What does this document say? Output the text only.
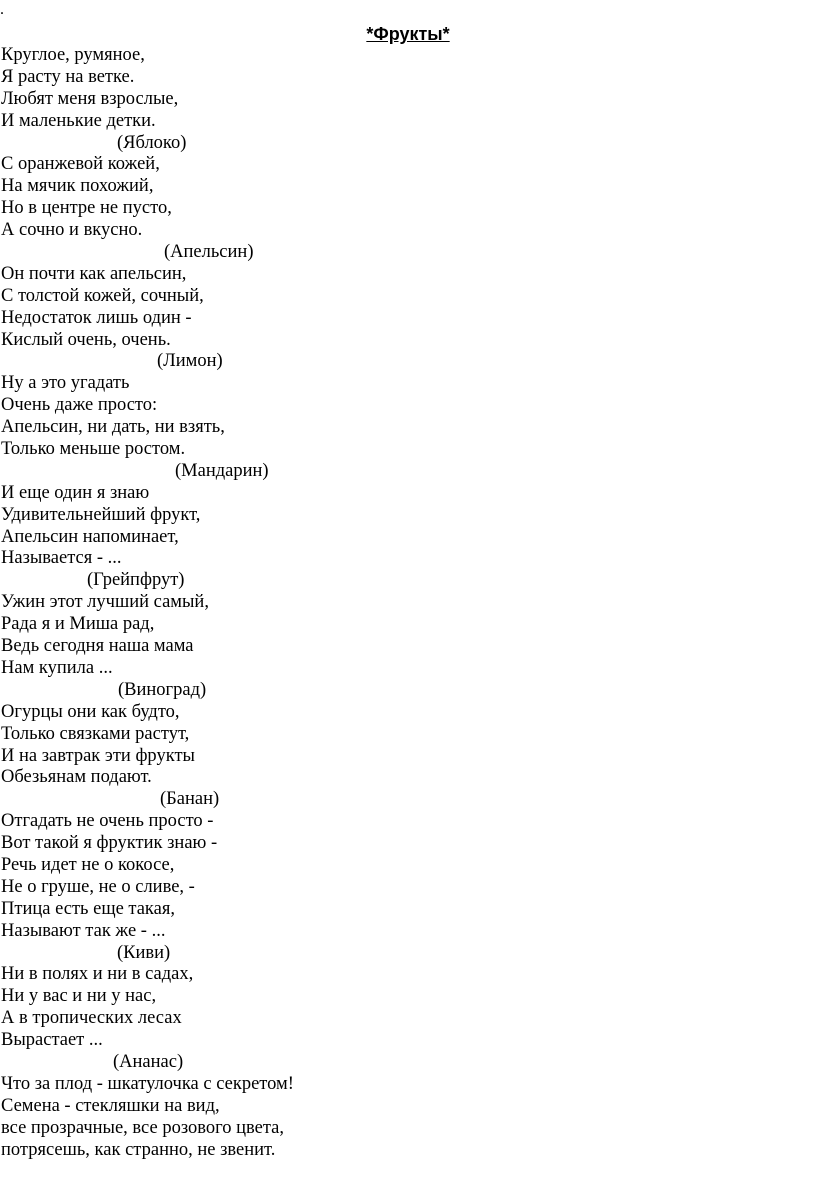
.
*Фрукты*
Круглое, румяное,
Я расту на ветке.
Любят меня взрослые,
И маленькие детки.
(Яблоко)
С оранжевой кожей,
На мячик похожий,
Но в центре не пусто,
А сочно и вкусно.
(Апельсин)
Он почти как апельсин,
С толстой кожей, сочный,
Недостаток лишь один -
Кислый очень, очень.
(Лимон)
Ну а это угадать
Очень даже просто:
Апельсин, ни дать, ни взять,
Только меньше ростом.
(Мандарин)
И еще один я знаю
Удивительнейший фрукт,
Апельсин напоминает,
Называется - ...
(Грейпфрут)
Ужин этот лучший самый,
Рада я и Миша рад,
Ведь сегодня наша мама
Нам купила ...
(Виноград)
Огурцы они как будто,
Только связками растут,
И на завтрак эти фрукты
Обезьянам подают.
(Банан)
Отгадать не очень просто -
Вот такой я фруктик знаю -
Речь идет не о кокосе,
Не о груше, не о сливе, -
Птица есть еще такая,
Называют так же - ...
(Киви)
Ни в полях и ни в садах,
Ни у вас и ни у нас,
А в тропических лесах
Вырастает ...
(Ананас)
Что за плод - шкатулочка с секретом!
Семена - стекляшки на вид,
все прозрачные, все розового цвета,
потрясешь, как странно, не звенит.
